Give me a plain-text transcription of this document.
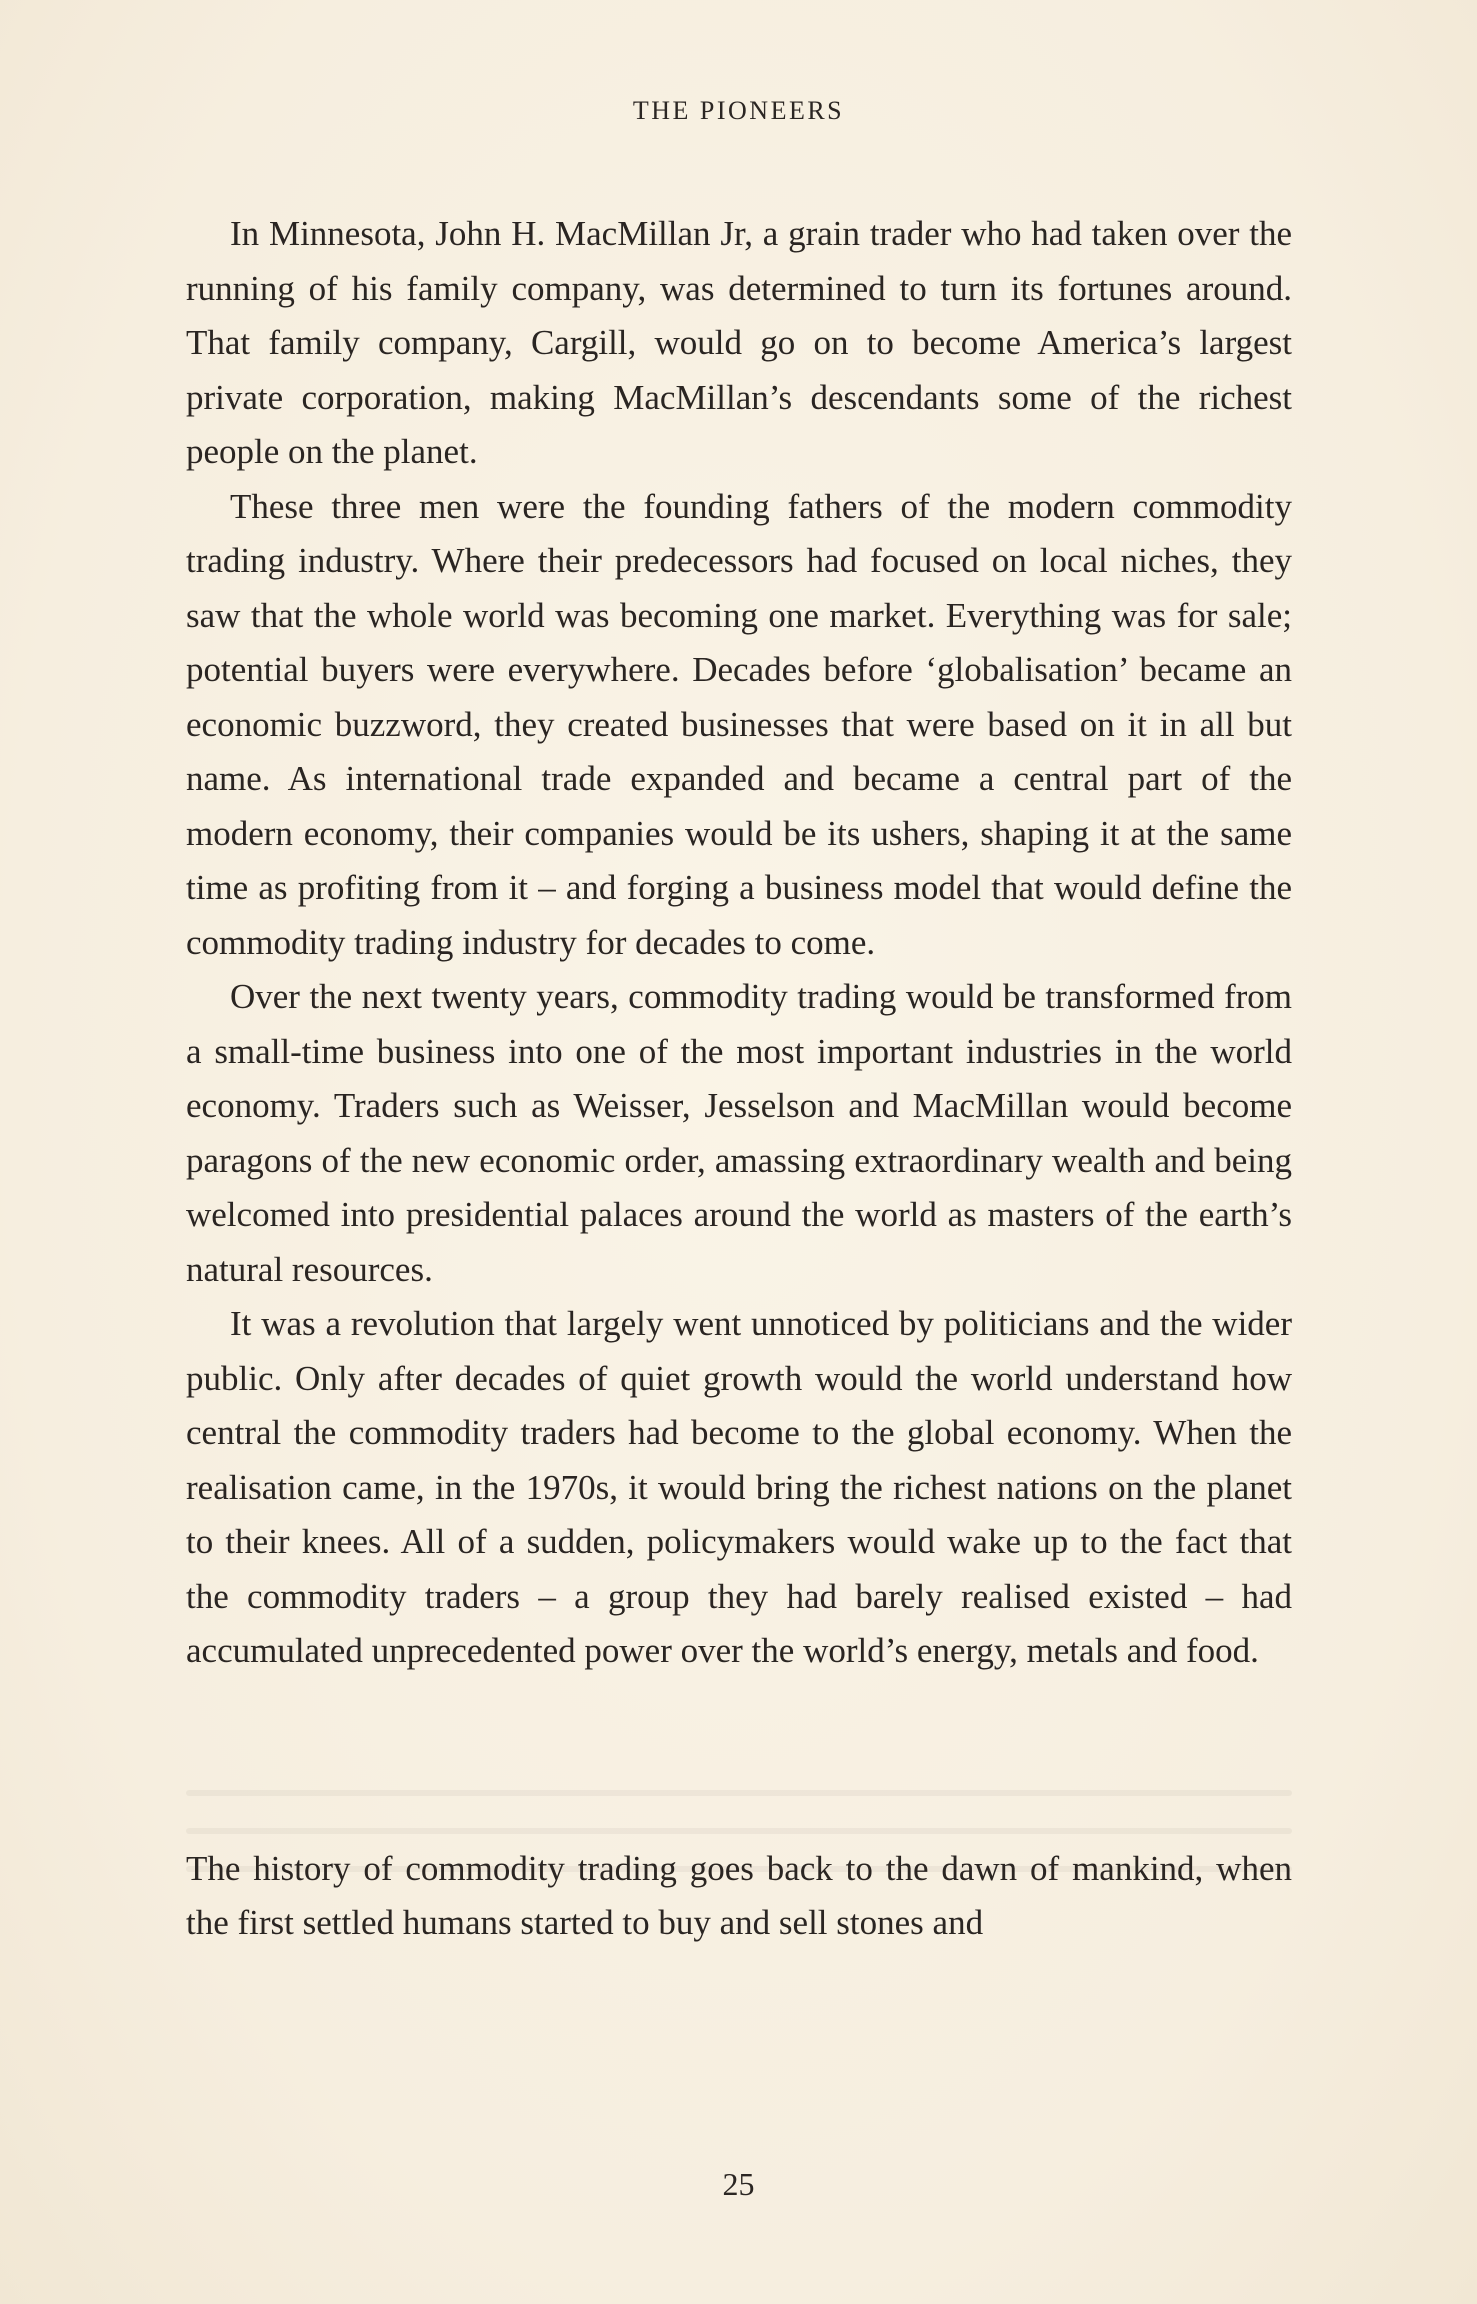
THE PIONEERS

In Minnesota, John H. MacMillan Jr, a grain trader who had taken over the running of his family company, was determined to turn its fortunes around. That family company, Cargill, would go on to become America’s largest private corporation, making MacMillan’s descendants some of the richest people on the planet.

These three men were the founding fathers of the modern commodity trading industry. Where their predecessors had focused on local niches, they saw that the whole world was becoming one market. Everything was for sale; potential buyers were everywhere. Decades before ‘globalisation’ became an economic buzzword, they created businesses that were based on it in all but name. As international trade expanded and became a central part of the modern economy, their companies would be its ushers, shaping it at the same time as profiting from it – and forging a business model that would define the commodity trading industry for decades to come.

Over the next twenty years, commodity trading would be transformed from a small-time business into one of the most important industries in the world economy. Traders such as Weisser, Jesselson and MacMillan would become paragons of the new economic order, amassing extraordinary wealth and being welcomed into presidential palaces around the world as masters of the earth’s natural resources.

It was a revolution that largely went unnoticed by politicians and the wider public. Only after decades of quiet growth would the world understand how central the commodity traders had become to the global economy. When the realisation came, in the 1970s, it would bring the richest nations on the planet to their knees. All of a sudden, policymakers would wake up to the fact that the commodity traders – a group they had barely realised existed – had accumulated unprecedented power over the world’s energy, metals and food.

The history of commodity trading goes back to the dawn of mankind, when the first settled humans started to buy and sell stones and

25
